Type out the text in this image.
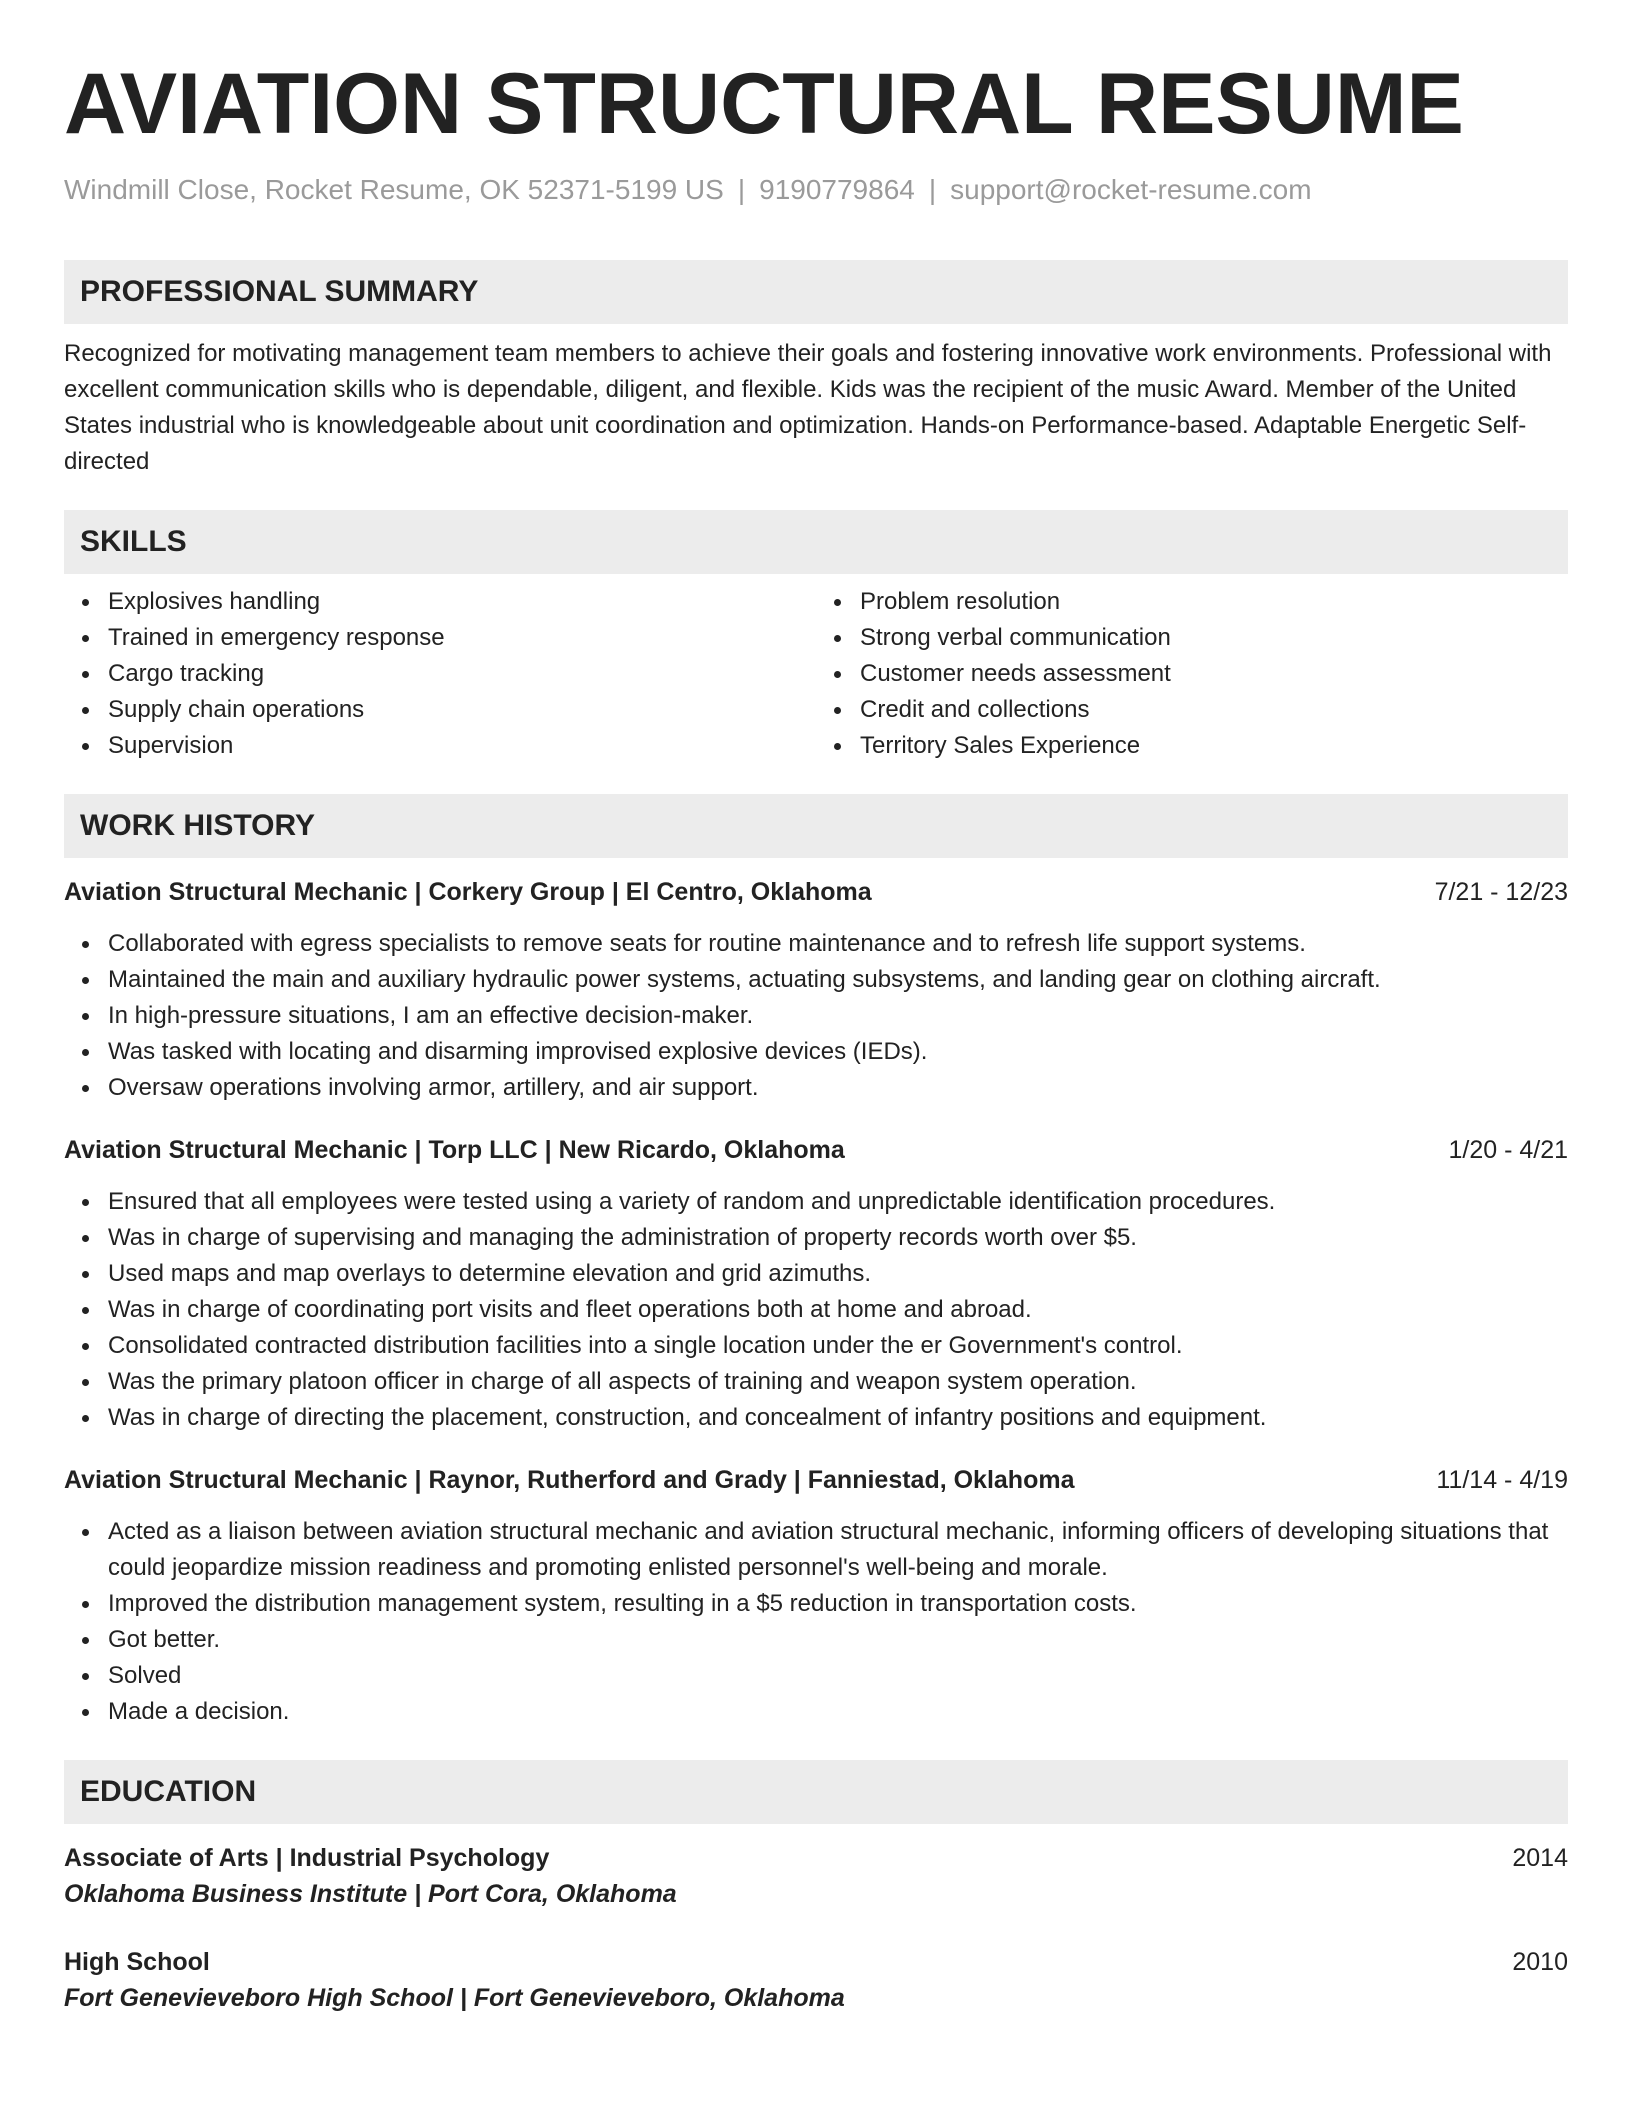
AVIATION STRUCTURAL RESUME
Windmill Close, Rocket Resume, OK 52371-5199 US | 9190779864 | support@rocket-resume.com
PROFESSIONAL SUMMARY

Recognized for motivating management team members to achieve their goals and fostering innovative work environments. Professional with excellent communication skills who is dependable, diligent, and flexible. Kids was the recipient of the music Award. Member of the United States industrial who is knowledgeable about unit coordination and optimization. Hands-on Performance-based. Adaptable Energetic Self-directed

SKILLS
Explosives handling
Trained in emergency response
Cargo tracking
Supply chain operations
Supervision
Problem resolution
Strong verbal communication
Customer needs assessment
Credit and collections
Territory Sales Experience
WORK HISTORY
Aviation Structural Mechanic | Corkery Group | El Centro, Oklahoma	7/21 - 12/23
Collaborated with egress specialists to remove seats for routine maintenance and to refresh life support systems.
Maintained the main and auxiliary hydraulic power systems, actuating subsystems, and landing gear on clothing aircraft.
In high-pressure situations, I am an effective decision-maker.
Was tasked with locating and disarming improvised explosive devices (IEDs).
Oversaw operations involving armor, artillery, and air support.
Aviation Structural Mechanic | Torp LLC | New Ricardo, Oklahoma	1/20 - 4/21
Ensured that all employees were tested using a variety of random and unpredictable identification procedures.
Was in charge of supervising and managing the administration of property records worth over $5.
Used maps and map overlays to determine elevation and grid azimuths.
Was in charge of coordinating port visits and fleet operations both at home and abroad.
Consolidated contracted distribution facilities into a single location under the er Government's control.
Was the primary platoon officer in charge of all aspects of training and weapon system operation.
Was in charge of directing the placement, construction, and concealment of infantry positions and equipment.
Aviation Structural Mechanic | Raynor, Rutherford and Grady | Fanniestad, Oklahoma	11/14 - 4/19
Acted as a liaison between aviation structural mechanic and aviation structural mechanic, informing officers of developing situations that could jeopardize mission readiness and promoting enlisted personnel's well-being and morale.
Improved the distribution management system, resulting in a $5 reduction in transportation costs.
Got better.
Solved
Made a decision.
EDUCATION
Associate of Arts | Industrial Psychology	2014
Oklahoma Business Institute | Port Cora, Oklahoma
High School	2010
Fort Genevieveboro High School | Fort Genevieveboro, Oklahoma
